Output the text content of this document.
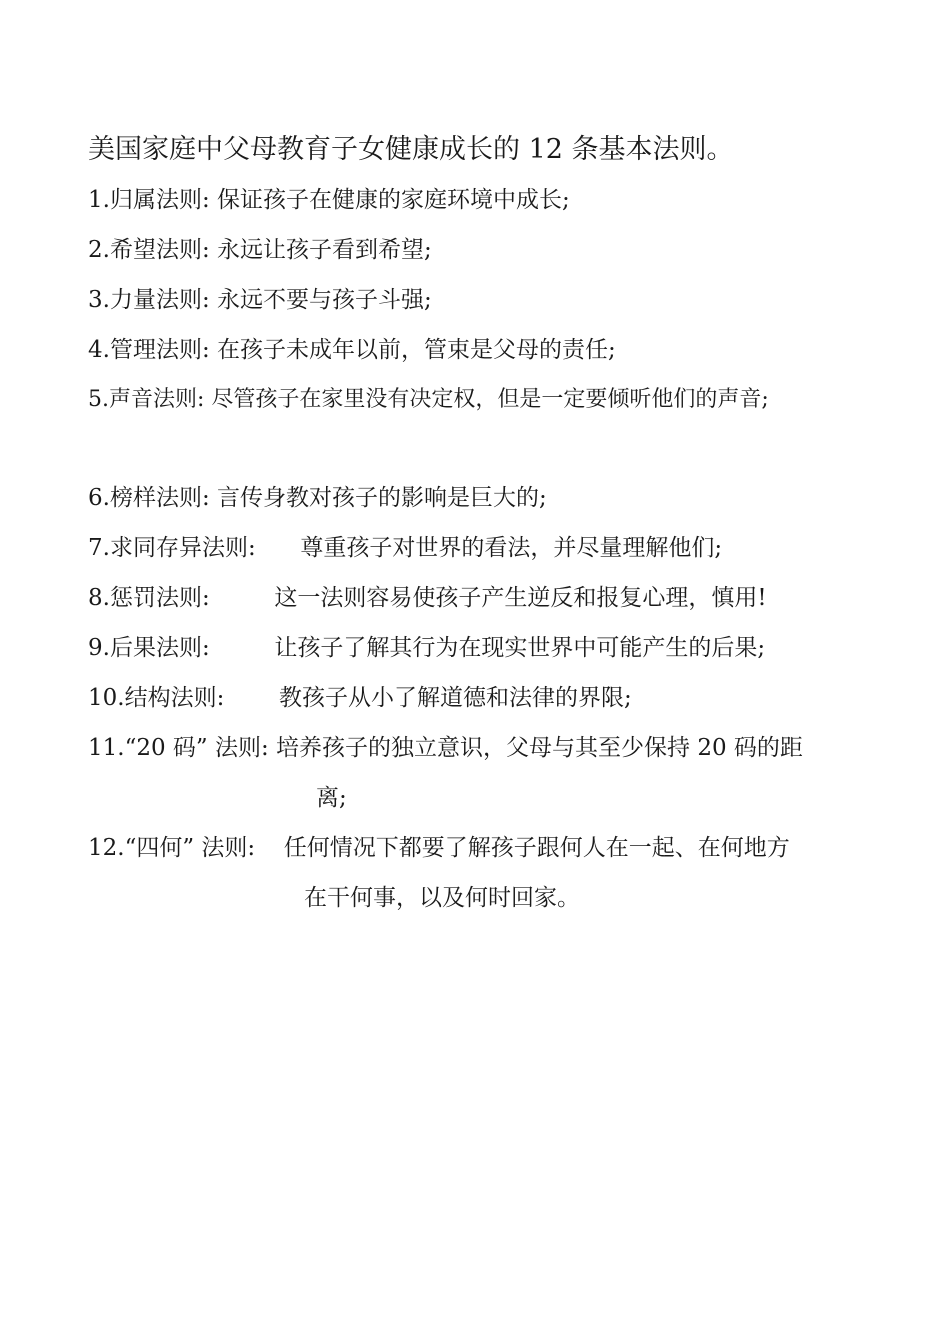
美国家庭中父母教育子女健康成长的 12 条基本法则。
1.归属法则: 保证孩子在健康的家庭环境中成长;
2.希望法则: 永远让孩子看到希望;
3.力量法则: 永远不要与孩子斗强;
4.管理法则: 在孩子未成年以前，管束是父母的责任;
5.声音法则: 尽管孩子在家里没有决定权，但是一定要倾听他们的声音;
6.榜样法则: 言传身教对孩子的影响是巨大的;
7.求同存异法则: 尊重孩子对世界的看法，并尽量理解他们;
8.惩罚法则:	这一法则容易使孩子产生逆反和报复心理，慎用!
9.后果法则:	让孩子了解其行为在现实世界中可能产生的后果;
10.结构法则: 教孩子从小了解道德和法律的界限;
11.“20 码” 法则: 培养孩子的独立意识，父母与其至少保持 20 码的距
离;
12.“四何” 法则: 任何情况下都要了解孩子跟何人在一起、在何地方
在干何事，以及何时回家。
